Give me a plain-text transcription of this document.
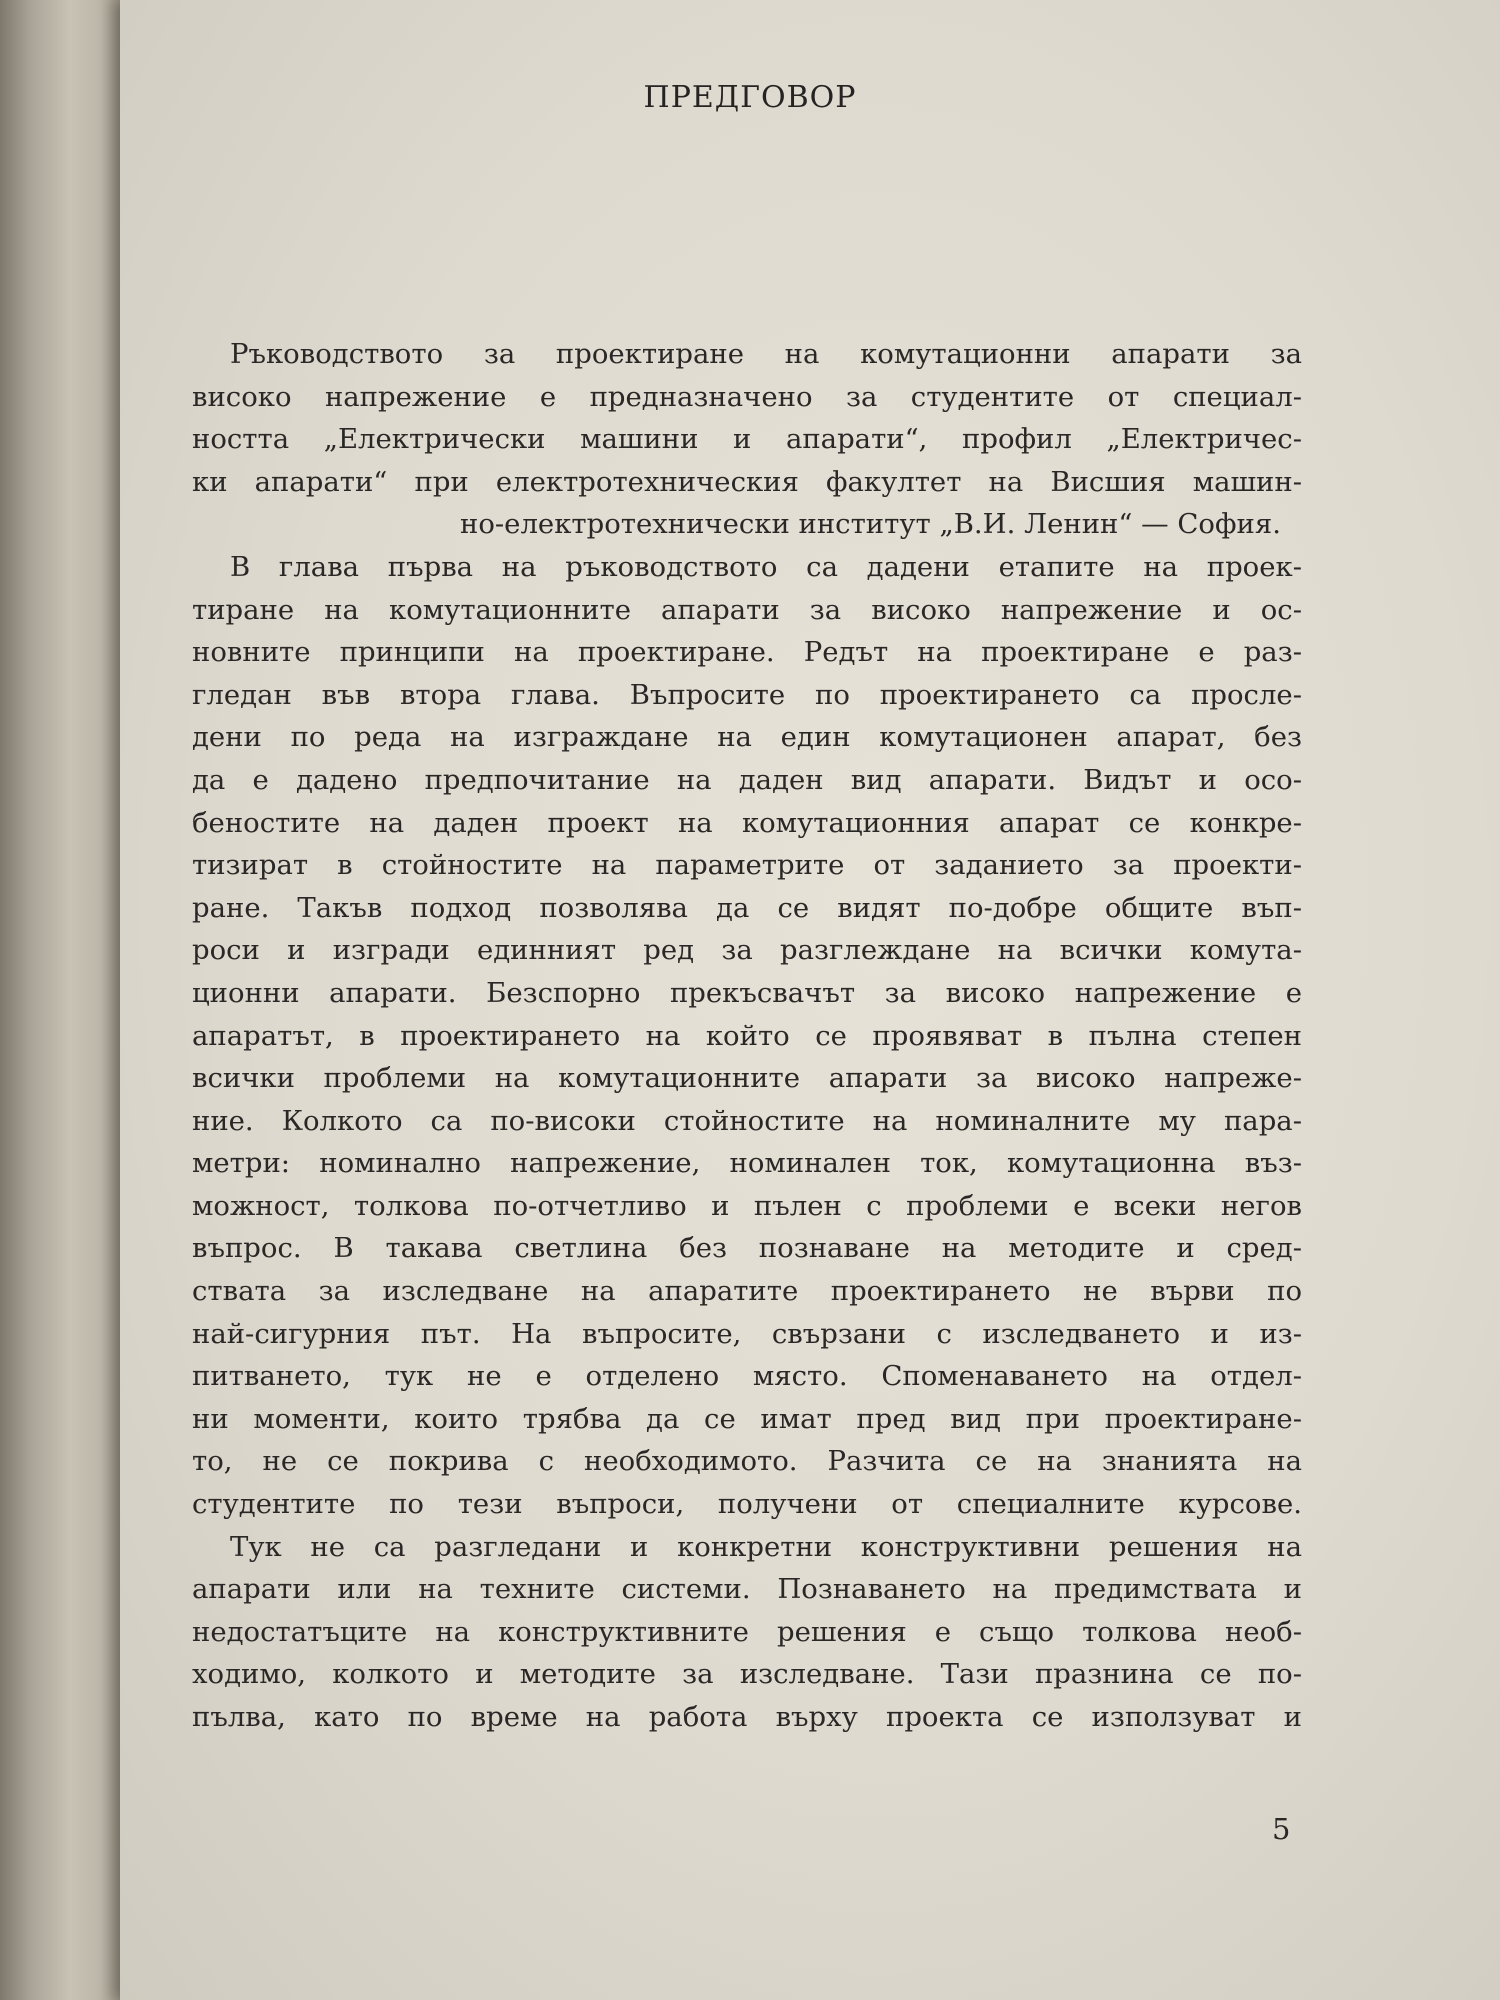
ПРЕДГОВОР

Ръководството за проектиране на комутационни апарати за
високо напрежение е предназначено за студентите от специал-
ността „Електрически машини и апарати“, профил „Електричес-
ки апарати“ при електротехническия факултет на Висшия машин-
но-електротехнически институт „В.И. Ленин“ — София.

В глава първа на ръководството са дадени етапите на проек-
тиране на комутационните апарати за високо напрежение и ос-
новните принципи на проектиране. Редът на проектиране е раз-
гледан във втора глава. Въпросите по проектирането са просле-
дени по реда на изграждане на един комутационен апарат, без
да е дадено предпочитание на даден вид апарати. Видът и осо-
беностите на даден проект на комутационния апарат се конкре-
тизират в стойностите на параметрите от заданието за проекти-
ране. Такъв подход позволява да се видят по-добре общите въп-
роси и изгради единният ред за разглеждане на всички комута-
ционни апарати. Безспорно прекъсвачът за високо напрежение е
апаратът, в проектирането на който се проявяват в пълна степен
всички проблеми на комутационните апарати за високо напреже-
ние. Колкото са по-високи стойностите на номиналните му пара-
метри: номинално напрежение, номинален ток, комутационна въз-
можност, толкова по-отчетливо и пълен с проблеми е всеки негов
въпрос. В такава светлина без познаване на методите и сред-
ствата за изследване на апаратите проектирането не върви по
най-сигурния път. На въпросите, свързани с изследването и из-
питването, тук не е отделено място. Споменаването на отдел-
ни моменти, които трябва да се имат пред вид при проектиране-
то, не се покрива с необходимото. Разчита се на знанията на
студентите по тези въпроси, получени от специалните курсове.

Тук не са разгледани и конкретни конструктивни решения на
апарати или на техните системи. Познаването на предимствата и
недостатъците на конструктивните решения е също толкова необ-
ходимо, колкото и методите за изследване. Тази празнина се по-
пълва, като по време на работа върху проекта се използуват и

5
